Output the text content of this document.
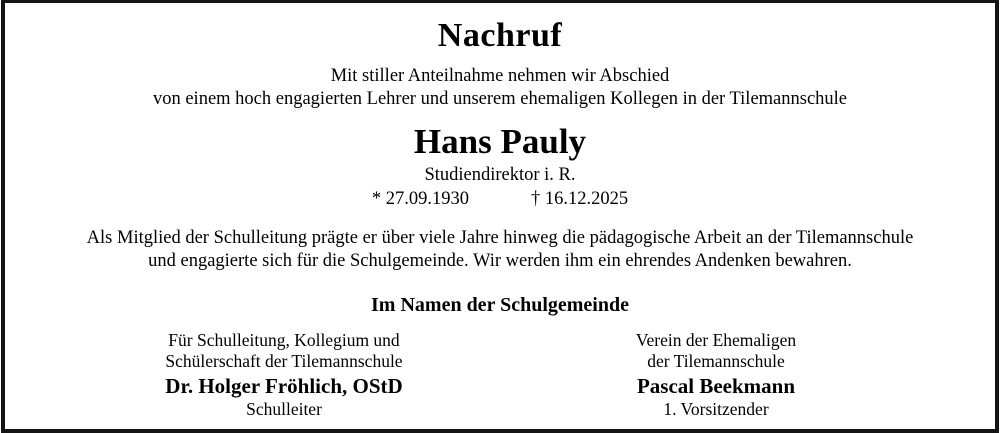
Nachruf

Mit stiller Anteilnahme nehmen wir Abschied
von einem hoch engagierten Lehrer und unserem ehemaligen Kollegen in der Tilemannschule

Hans Pauly

Studiendirektor i. R.

* 27.09.1930	† 16.12.2025

Als Mitglied der Schulleitung prägte er über viele Jahre hinweg die pädagogische Arbeit an der Tilemannschule
und engagierte sich für die Schulgemeinde. Wir werden ihm ein ehrendes Andenken bewahren.

Im Namen der Schulgemeinde

Für Schulleitung, Kollegium und
Schülerschaft der Tilemannschule

Dr. Holger Fröhlich, OStD

Schulleiter

Verein der Ehemaligen
der Tilemannschule

Pascal Beekmann

1. Vorsitzender
